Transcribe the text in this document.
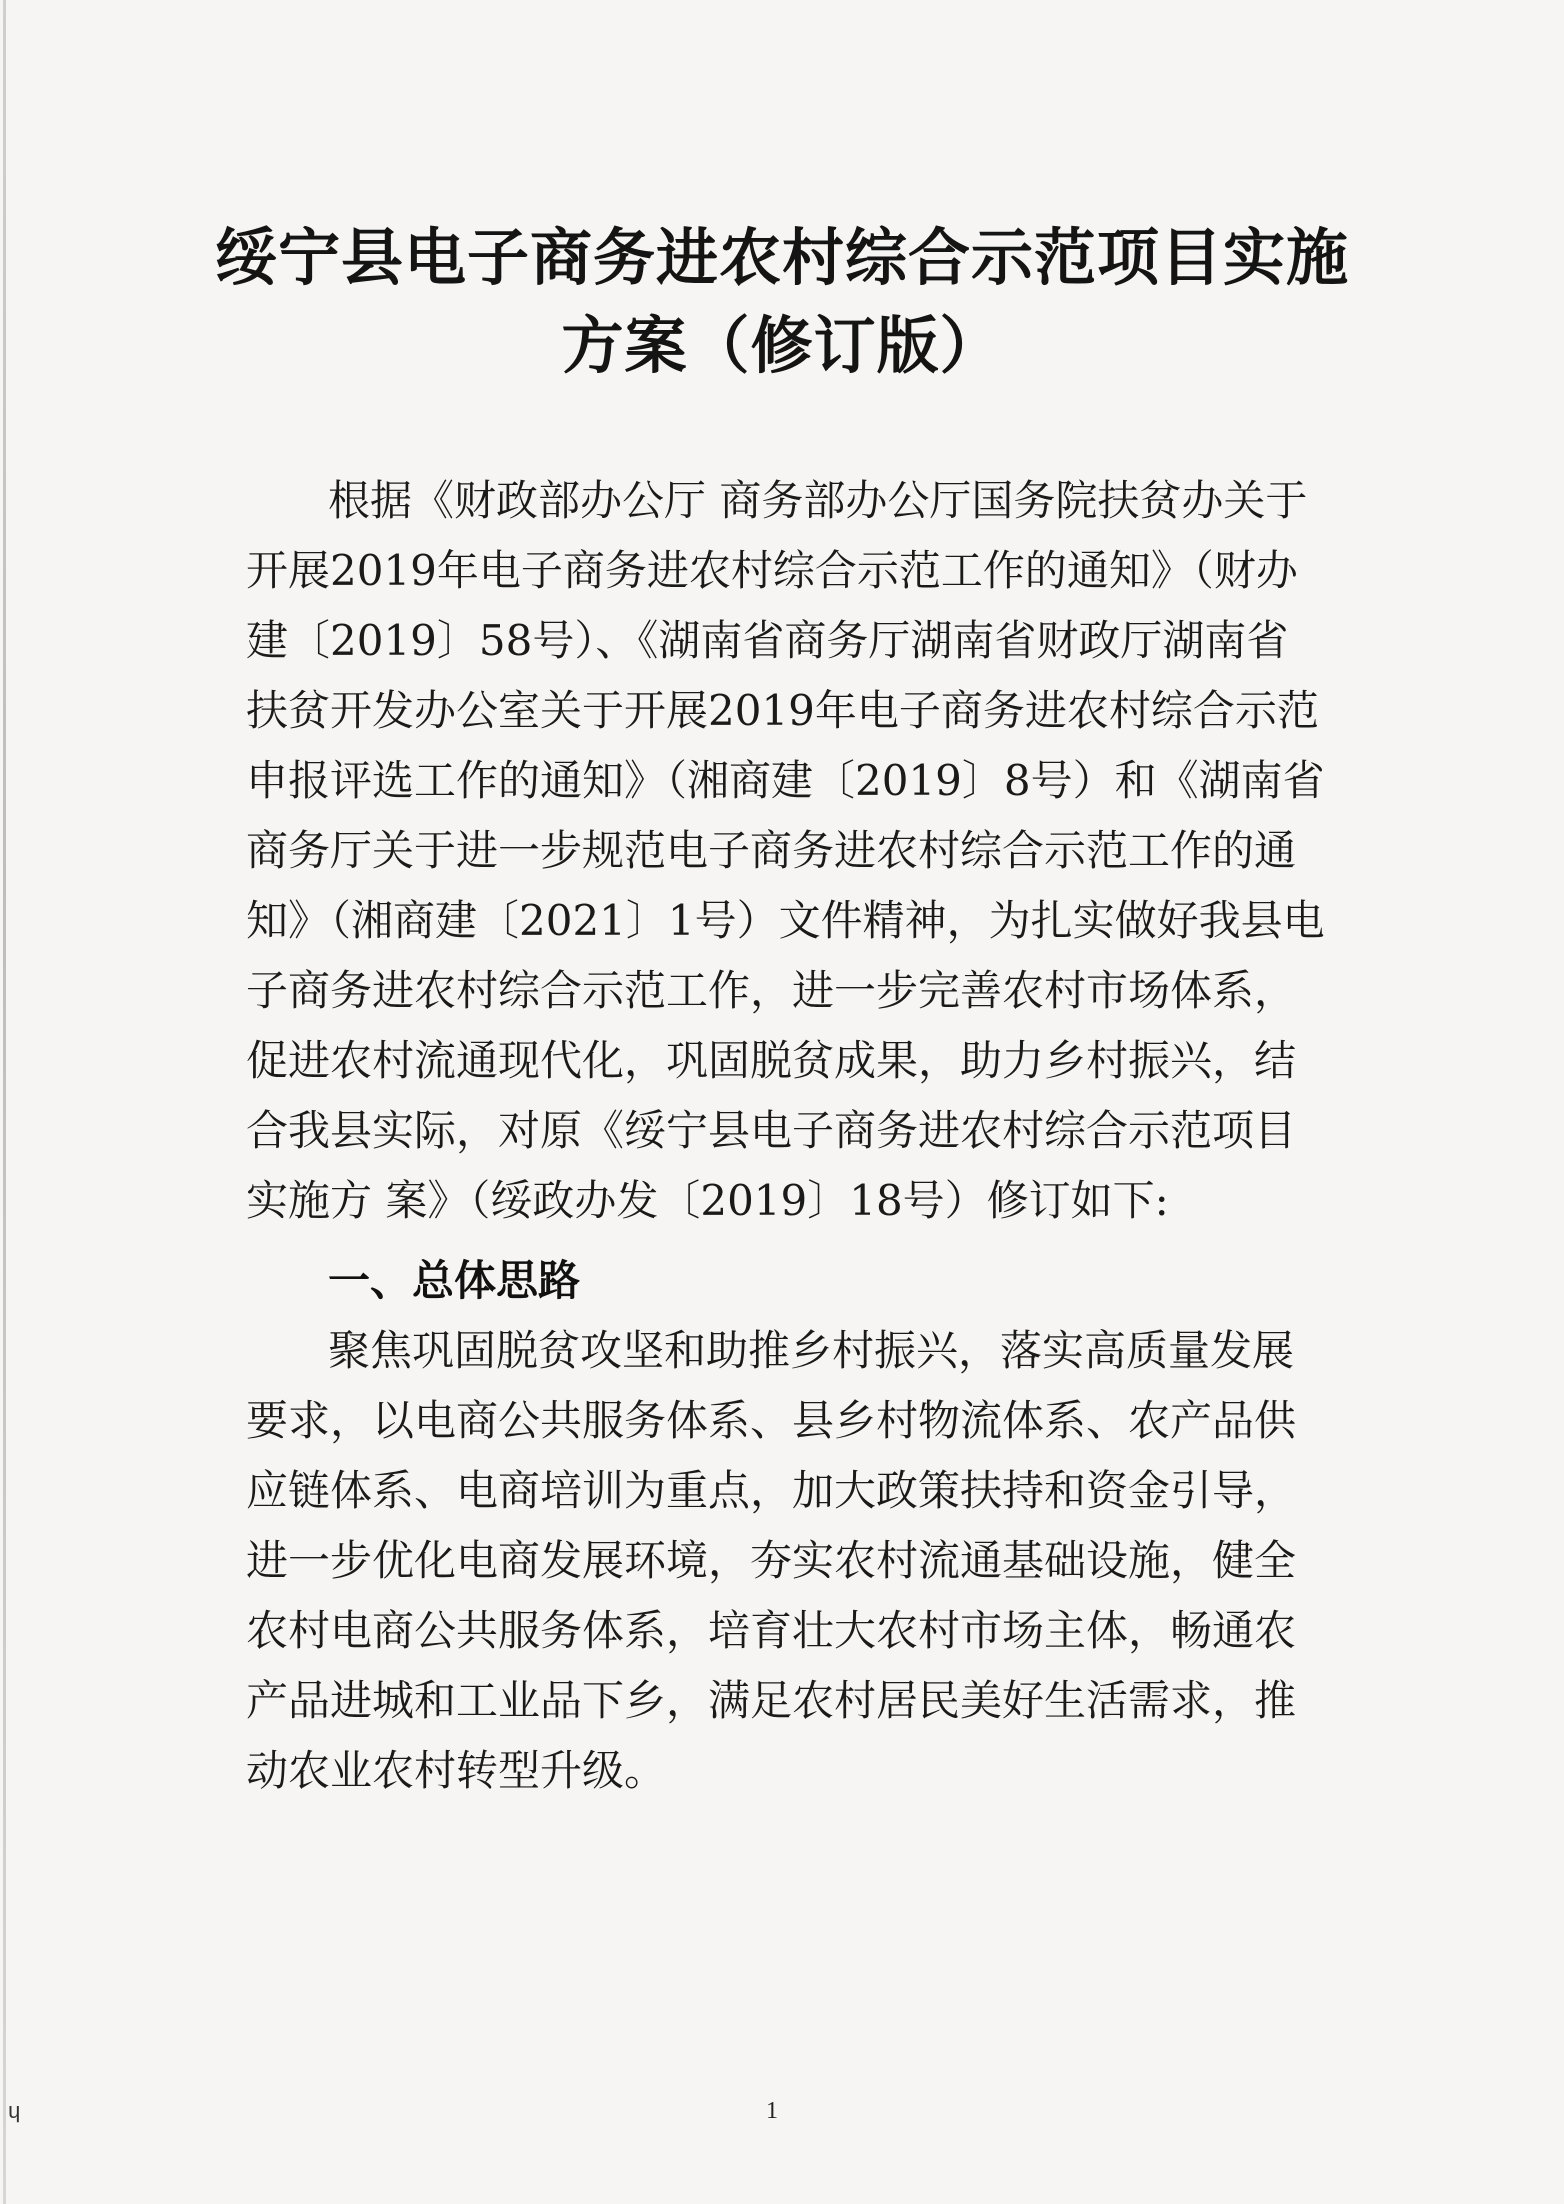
绥宁县电子商务进农村综合示范项目实施
方案（修订版）

根据《财政部办公厅 商务部办公厅国务院扶贫办关于

开展2019年电子商务进农村综合示范工作的通知》（财办

建〔2019〕58号）、《湖南省商务厅湖南省财政厅湖南省

扶贫开发办公室关于开展2019年电子商务进农村综合示范

申报评选工作的通知》（湘商建〔2019〕8号）和《湖南省

商务厅关于进一步规范电子商务进农村综合示范工作的通

知》（湘商建〔2021〕1号）文件精神，为扎实做好我县电

子商务进农村综合示范工作，进一步完善农村市场体系，

促进农村流通现代化，巩固脱贫成果，助力乡村振兴，结

合我县实际，对原《绥宁县电子商务进农村综合示范项目

实施方 案》（绥政办发〔2019〕18号）修订如下:

一、总体思路

聚焦巩固脱贫攻坚和助推乡村振兴，落实高质量发展

要求，以电商公共服务体系、县乡村物流体系、农产品供

应链体系、电商培训为重点，加大政策扶持和资金引导，

进一步优化电商发展环境，夯实农村流通基础设施，健全

农村电商公共服务体系，培育壮大农村市场主体，畅通农

产品进城和工业品下乡，满足农村居民美好生活需求，推

动农业农村转型升级。

ɥ	1
